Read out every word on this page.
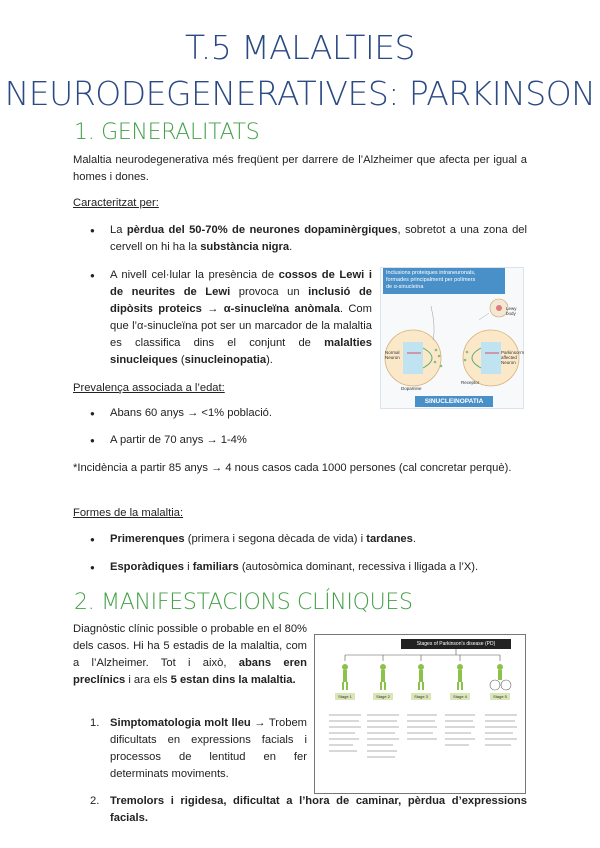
T.5 MALALTIES
NEURODEGENERATIVES: PARKINSON
1. GENERALITATS

Malaltia neurodegenerativa més freqüent per darrere de l’Alzheimer que afecta per igual a homes i dones.

Caracteritzat per:

● La pèrdua del 50-70% de neurones dopaminèrgiques, sobretot a una zona del cervell on hi ha la substància nigra.
● A nivell cel·lular la presència de cossos de Lewi i de neurites de Lewi provoca un inclusió de dipòsits proteics → α-sinucleïna anòmala. Com que l’α-sinucleïna pot ser un marcador de la malaltia es classifica dins el conjunt de malalties sinucleiques (sinucleinopatia).
Inclusions proteiques intraneuronals,
formades principalment per polímers
de α-sinucleïna
Normal Neuron
Parkinson's affected Neuron
Dopamine
Receptor
Lewy body
SINUCLEINOPATIA

Prevalença associada a l’edat:

● Abans 60 anys → <1% població.
● A partir de 70 anys → 1-4%

*Incidència a partir 85 anys → 4 nous casos cada 1000 persones (cal concretar perquè).

Formes de la malaltia:

● Primerenques (primera i segona dècada de vida) i tardanes.
● Esporàdiques i familiars (autosòmica dominant, recessiva i lligada a l’X).
2. MANIFESTACIONS CLÍNIQUES

Diagnòstic clínic possible o probable en el 80% dels casos. Hi ha 5 estadis de la malaltia, com a l’Alzheimer. Tot i això, abans eren preclínics i ara els 5 estan dins la malaltia.

1. Simptomatologia molt lleu → Trobem dificultats en expressions facials i processos de lentitud en fer determinats moviments.
2. Tremolors i rigidesa, dificultat a l’hora de caminar, pèrdua d’expressions facials.
Stages of Parkinson's disease (PD)
Stage 1	Stage 2	Stage 3	Stage 4	Stage 5
